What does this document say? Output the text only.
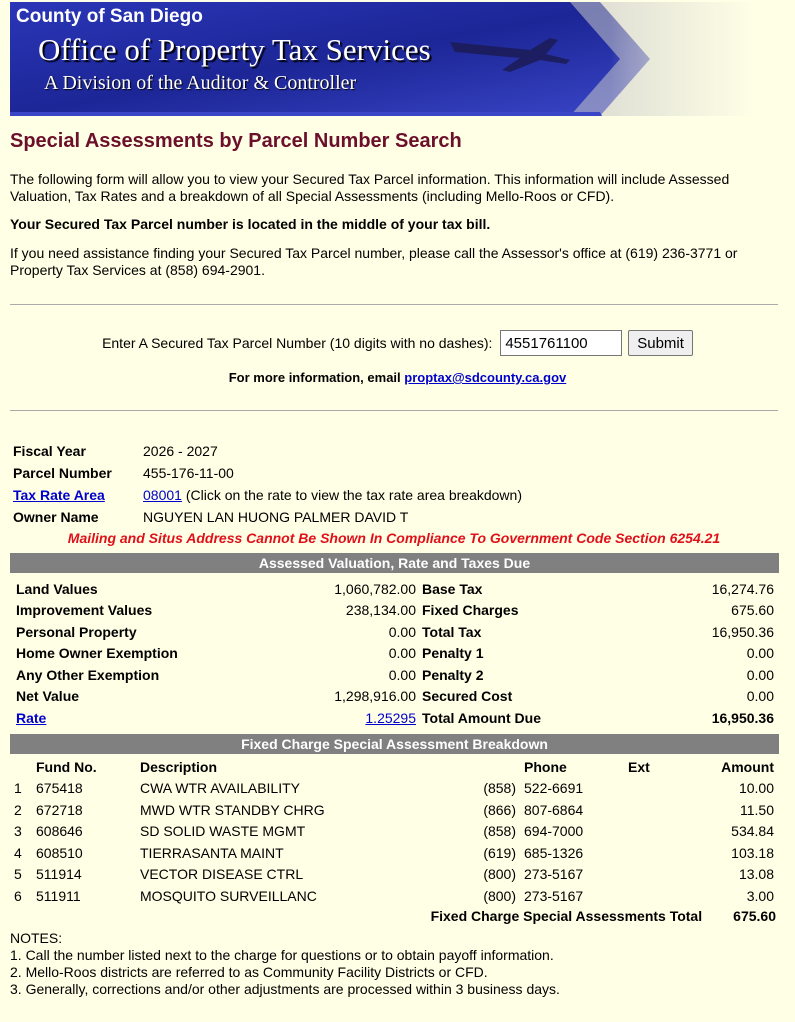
County of San Diego
Office of Property Tax Services
A Division of the Auditor & Controller
Special Assessments by Parcel Number Search

The following form will allow you to view your Secured Tax Parcel information. This information will include Assessed Valuation, Tax Rates and a breakdown of all Special Assessments (including Mello-Roos or CFD).

Your Secured Tax Parcel number is located in the middle of your tax bill.

If you need assistance finding your Secured Tax Parcel number, please call the Assessor's office at (619) 236-3771 or Property Tax Services at (858) 694-2901.

Enter A Secured Tax Parcel Number (10 digits with no dashes): 4551761100	Submit
For more information, email proptax@sdcounty.ca.gov
Fiscal Year	2026 - 2027
Parcel Number	455-176-11-00
Tax Rate Area	08001 (Click on the rate to view the tax rate area breakdown)
Owner Name	NGUYEN LAN HUONG PALMER DAVID T
Mailing and Situs Address Cannot Be Shown In Compliance To Government Code Section 6254.21
Assessed Valuation, Rate and Taxes Due
Land Values	1,060,782.00	Base Tax	16,274.76
Improvement Values	238,134.00	Fixed Charges	675.60
Personal Property	0.00	Total Tax	16,950.36
Home Owner Exemption	0.00	Penalty 1	0.00
Any Other Exemption	0.00	Penalty 2	0.00
Net Value	1,298,916.00	Secured Cost	0.00
Rate	1.25295	Total Amount Due	16,950.36
Fixed Charge Special Assessment Breakdown
	Fund No.	Description		Phone	Ext	Amount
1	675418	CWA WTR AVAILABILITY	(858)	522-6691		10.00
2	672718	MWD WTR STANDBY CHRG	(866)	807-6864		11.50
3	608646	SD SOLID WASTE MGMT	(858)	694-7000		534.84
4	608510	TIERRASANTA MAINT	(619)	685-1326		103.18
5	511914	VECTOR DISEASE CTRL	(800)	273-5167		13.08
6	511911	MOSQUITO SURVEILLANC	(800)	273-5167		3.00
Fixed Charge Special Assessments Total 675.60
NOTES:
1. Call the number listed next to the charge for questions or to obtain payoff information.
2. Mello-Roos districts are referred to as Community Facility Districts or CFD.
3. Generally, corrections and/or other adjustments are processed within 3 business days.
